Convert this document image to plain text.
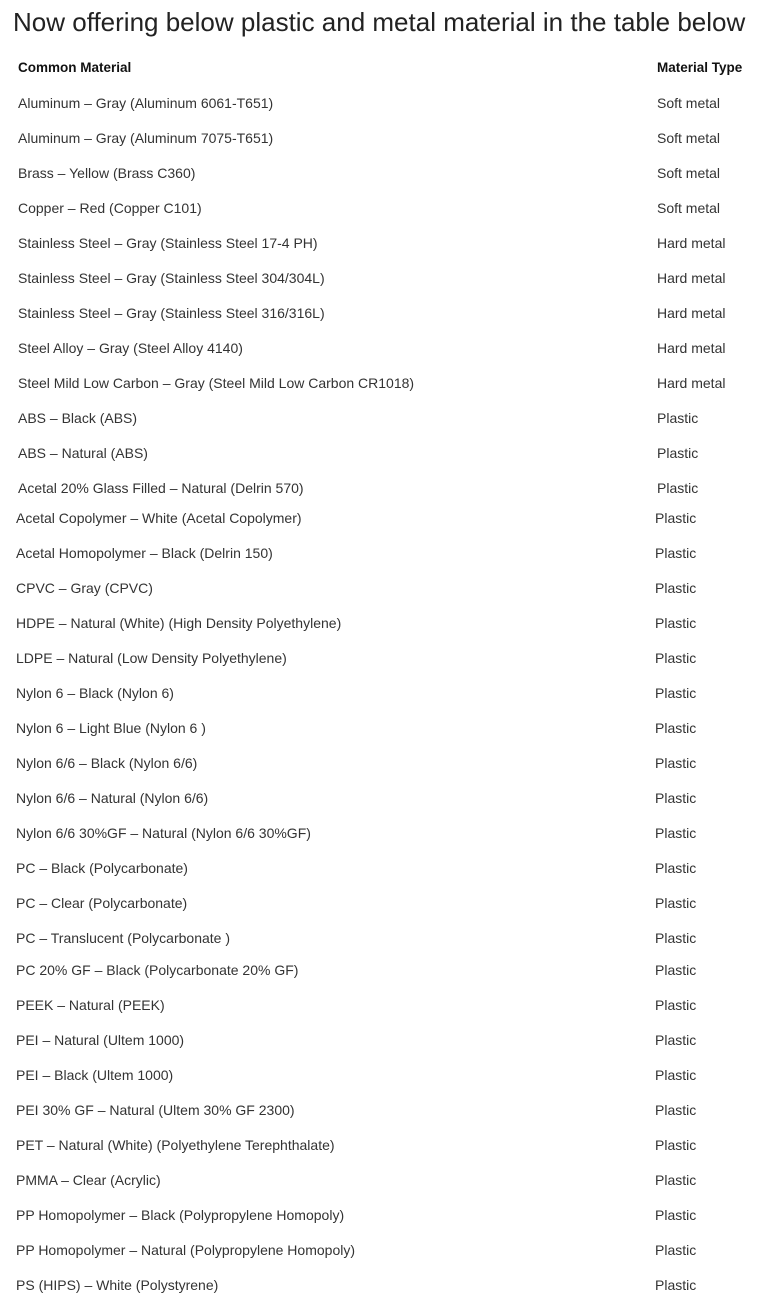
Now offering below plastic and metal material in the table below
Common Material	Material Type
Aluminum – Gray (Aluminum 6061-T651)	Soft metal
Aluminum – Gray (Aluminum 7075-T651)	Soft metal
Brass – Yellow (Brass C360)	Soft metal
Copper – Red (Copper C101)	Soft metal
Stainless Steel – Gray (Stainless Steel 17-4 PH)	Hard metal
Stainless Steel – Gray (Stainless Steel 304/304L)	Hard metal
Stainless Steel – Gray (Stainless Steel 316/316L)	Hard metal
Steel Alloy – Gray (Steel Alloy 4140)	Hard metal
Steel Mild Low Carbon – Gray (Steel Mild Low Carbon CR1018)	Hard metal
ABS – Black (ABS)	Plastic
ABS – Natural (ABS)	Plastic
Acetal 20% Glass Filled – Natural (Delrin 570)	Plastic
Acetal Copolymer – White (Acetal Copolymer)	Plastic
Acetal Homopolymer – Black (Delrin 150)	Plastic
CPVC – Gray (CPVC)	Plastic
HDPE – Natural (White) (High Density Polyethylene)	Plastic
LDPE – Natural (Low Density Polyethylene)	Plastic
Nylon 6 – Black (Nylon 6)	Plastic
Nylon 6 – Light Blue (Nylon 6 )	Plastic
Nylon 6/6 – Black (Nylon 6/6)	Plastic
Nylon 6/6 – Natural (Nylon 6/6)	Plastic
Nylon 6/6 30%GF – Natural (Nylon 6/6 30%GF)	Plastic
PC – Black (Polycarbonate)	Plastic
PC – Clear (Polycarbonate)	Plastic
PC – Translucent (Polycarbonate )	Plastic
PC 20% GF – Black (Polycarbonate 20% GF)	Plastic
PEEK – Natural (PEEK)	Plastic
PEI – Natural (Ultem 1000)	Plastic
PEI – Black (Ultem 1000)	Plastic
PEI 30% GF – Natural (Ultem 30% GF 2300)	Plastic
PET – Natural (White) (Polyethylene Terephthalate)	Plastic
PMMA – Clear (Acrylic)	Plastic
PP Homopolymer – Black (Polypropylene Homopoly)	Plastic
PP Homopolymer – Natural (Polypropylene Homopoly)	Plastic
PS (HIPS) – White (Polystyrene)	Plastic
